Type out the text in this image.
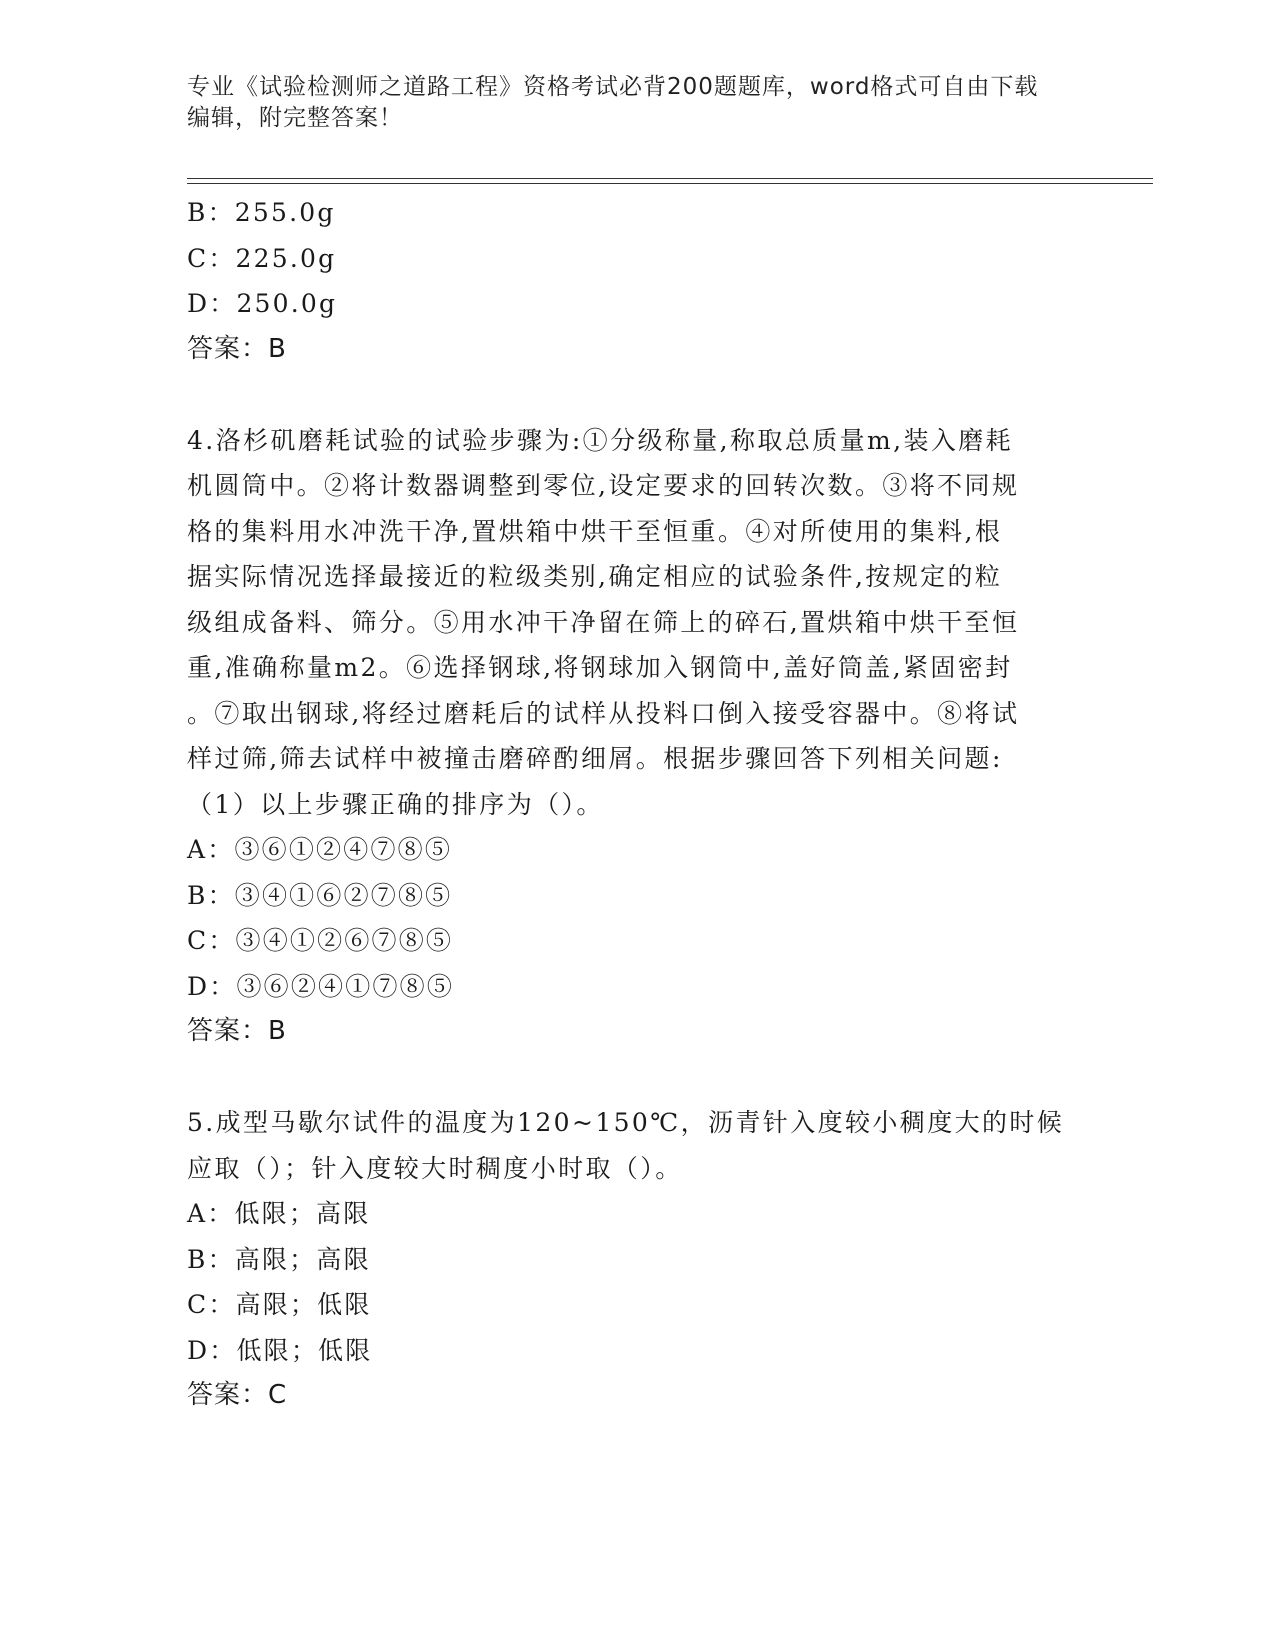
专业《试验检测师之道路工程》资格考试必背200题题库，word格式可自由下载
编辑，附完整答案！
B：255.0g
C：225.0g
D：250.0g
答案：B

4.洛杉矶磨耗试验的试验步骤为:①分级称量,称取总质量m,装入磨耗

机圆筒中。②将计数器调整到零位,设定要求的回转次数。③将不同规

格的集料用水冲洗干净,置烘箱中烘干至恒重。④对所使用的集料,根

据实际情况选择最接近的粒级类别,确定相应的试验条件,按规定的粒

级组成备料、筛分。⑤用水冲干净留在筛上的碎石,置烘箱中烘干至恒

重,准确称量m2。⑥选择钢球,将钢球加入钢筒中,盖好筒盖,紧固密封

。⑦取出钢球,将经过磨耗后的试样从投料口倒入接受容器中。⑧将试

样过筛,筛去试样中被撞击磨碎酌细屑。根据步骤回答下列相关问题:

（1）以上步骤正确的排序为（）。

A：③⑥①②④⑦⑧⑤
B：③④①⑥②⑦⑧⑤
C：③④①②⑥⑦⑧⑤
D：③⑥②④①⑦⑧⑤
答案：B

5.成型马歇尔试件的温度为120~150℃，沥青针入度较小稠度大的时候

应取（）；针入度较大时稠度小时取（）。

A：低限；高限
B：高限；高限
C：高限；低限
D：低限；低限
答案：C
